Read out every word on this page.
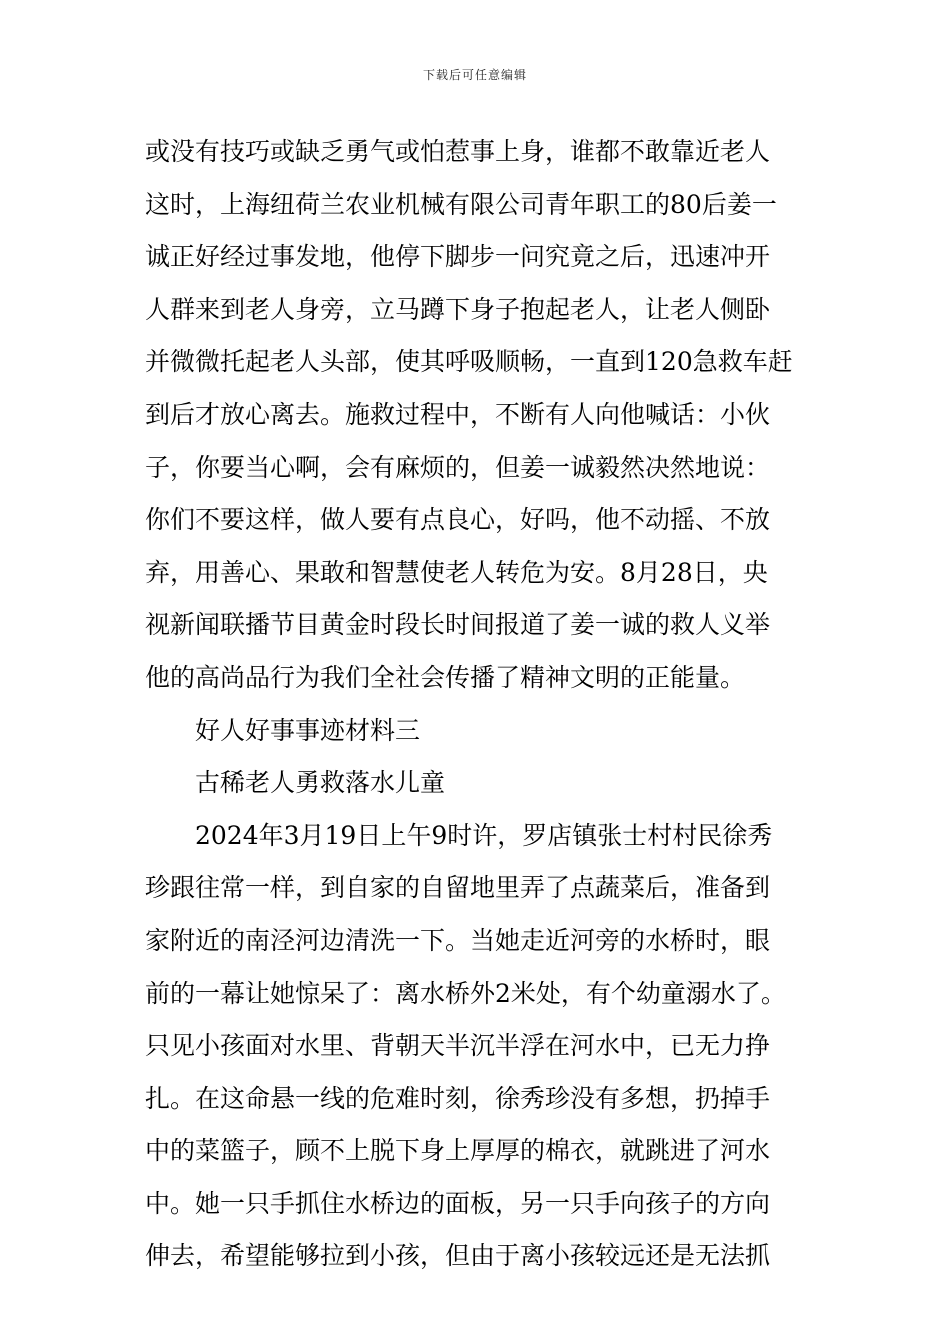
下载后可任意编辑
或没有技巧或缺乏勇气或怕惹事上身，谁都不敢靠近老人
这时，上海纽荷兰农业机械有限公司青年职工的80后姜一
诚正好经过事发地，他停下脚步一问究竟之后，迅速冲开
人群来到老人身旁，立马蹲下身子抱起老人，让老人侧卧
并微微托起老人头部，使其呼吸顺畅，一直到120急救车赶
到后才放心离去。施救过程中，不断有人向他喊话：小伙
子，你要当心啊，会有麻烦的，但姜一诚毅然决然地说：
你们不要这样，做人要有点良心，好吗，他不动摇、不放
弃，用善心、果敢和智慧使老人转危为安。8月28日，央
视新闻联播节目黄金时段长时间报道了姜一诚的救人义举
他的高尚品行为我们全社会传播了精神文明的正能量。
好人好事事迹材料三
古稀老人勇救落水儿童
2024年3月19日上午9时许，罗店镇张士村村民徐秀
珍跟往常一样，到自家的自留地里弄了点蔬菜后，准备到
家附近的南泾河边清洗一下。当她走近河旁的水桥时，眼
前的一幕让她惊呆了：离水桥外2米处，有个幼童溺水了。
只见小孩面对水里、背朝天半沉半浮在河水中，已无力挣
扎。在这命悬一线的危难时刻，徐秀珍没有多想，扔掉手
中的菜篮子，顾不上脱下身上厚厚的棉衣，就跳进了河水
中。她一只手抓住水桥边的面板，另一只手向孩子的方向
伸去，希望能够拉到小孩，但由于离小孩较远还是无法抓
